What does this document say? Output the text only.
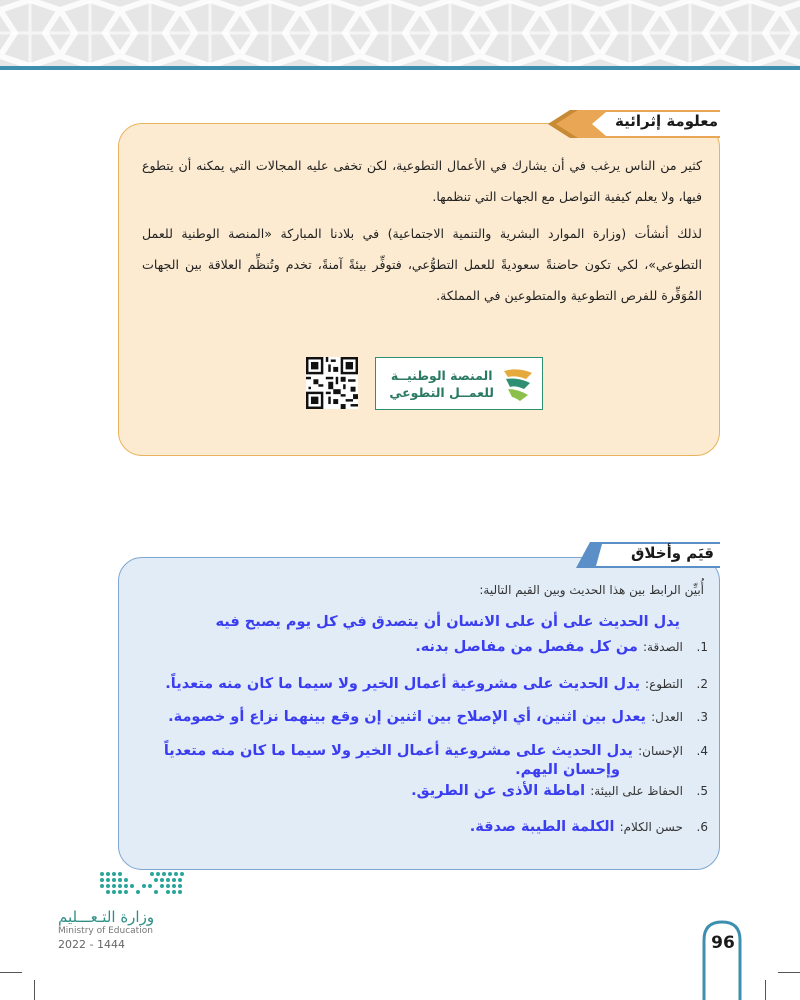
معلومة إثرائية

كثير من الناس يرغب في أن يشارك في الأعمال التطوعية، لكن تخفى عليه المجالات التي يمكنه أن يتطوع فيها، ولا يعلم كيفية التواصل مع الجهات التي تنظمها.

لذلك أنشأت (وزارة الموارد البشرية والتنمية الاجتماعية) في بلادنا المباركة «المنصة الوطنية للعمل التطوعي»، لكي تكون حاضنةً سعوديةً للعمل التطوُّعي، فتوفِّر بيئةً آمنةً، تخدم وتُنظِّم العلاقة بين الجهات المُوَفِّرة للفرص التطوعية والمتطوعين في المملكة.

المنصة الوطنيــة
للعمــل التطوعي
قيَم وأخلاق
أُبيِّن الرابط بين هذا الحديث وبين القيم التالية:
يدل الحديث على أن على الانسان أن يتصدق في كل يوم يصبح فيه
1. الصدقة: من كل مفصل من مفاصل بدنه.
2. التطوع: يدل الحديث على مشروعية أعمال الخير ولا سيما ما كان منه متعدياً.
3. العدل: يعدل بين اثنين، أي الإصلاح بين اثنين إن وقع بينهما نزاع أو خصومة.
4. الإحسان: يدل الحديث على مشروعية أعمال الخير ولا سيما ما كان منه متعدياً
وإحسان اليهم.
5. الحفاظ على البيئة: اماطة الأذى عن الطريق.
6. حسن الكلام: الكلمة الطيبة صدقة.
وزارة التـعـــليم
Ministry of Education
2022 - 1444	96
